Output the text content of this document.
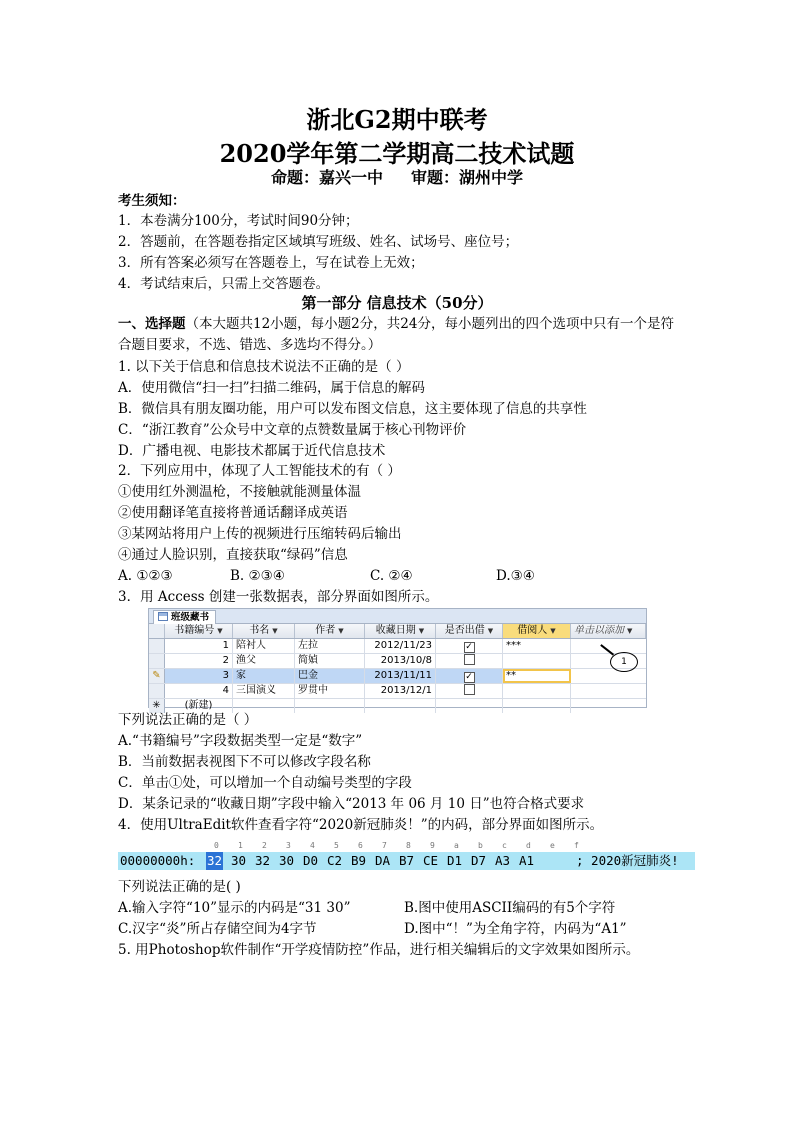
浙北G2期中联考
2020学年第二学期高二技术试题
命题：嘉兴一中 审题：湖州中学
考生须知：
1．本卷满分100分，考试时间90分钟；
2．答题前，在答题卷指定区域填写班级、姓名、试场号、座位号；
3．所有答案必须写在答题卷上，写在试卷上无效；
4．考试结束后，只需上交答题卷。
第一部分 信息技术（50分）
一、选择题（本大题共12小题，每小题2分，共24分，每小题列出的四个选项中只有一个是符合题目要求，不选、错选、多选均不得分。）
1. 以下关于信息和信息技术说法不正确的是（ ）
A．使用微信“扫一扫”扫描二维码，属于信息的解码
B．微信具有朋友圈功能，用户可以发布图文信息，这主要体现了信息的共享性
C．“浙江教育”公众号中文章的点赞数量属于核心刊物评价
D．广播电视、电影技术都属于近代信息技术
2．下列应用中，体现了人工智能技术的有（ ）
①使用红外测温枪，不接触就能测量体温
②使用翻译笔直接将普通话翻译成英语
③某网站将用户上传的视频进行压缩转码后输出
④通过人脸识别，直接获取“绿码”信息
A. ①②③	B. ②③④	C. ②④	D.③④
3．用 Access 创建一张数据表，部分界面如图所示。
班级藏书
书籍编号 ▼	书名 ▼	作者 ▼	收藏日期 ▼	是否出借 ▼	借阅人 ▼	单击以添加 ▼
1 陪衬人	左拉	2012/11/23	✓	***
2 渔父	简媜	2013/10/8
✎	3 家	巴金	2013/11/11	✓	**
4 三国演义	罗贯中	2013/12/1
✳	(新建)
1
下列说法正确的是（ ）
A.“书籍编号”字段数据类型一定是“数字”
B．当前数据表视图下不可以修改字段名称
C．单击①处，可以增加一个自动编号类型的字段
D．某条记录的“收藏日期”字段中输入“2013 年 06 月 10 日”也符合格式要求
4．使用UltraEdit软件查看字符“2020新冠肺炎！”的内码，部分界面如图所示。
0 1 2 3 4 5 6 7 8 9 a b c d e f
00000000h: 32 30 32 30 D0 C2 B9 DA B7 CE D1 D7 A3 A1	; 2020新冠肺炎!
下列说法正确的是( )
A.输入字符“10”显示的内码是“31 30”	B.图中使用ASCII编码的有5个字符
C.汉字“炎”所占存储空间为4字节	D.图中“！”为全角字符，内码为“A1”
5. 用Photoshop软件制作“开学疫情防控”作品，进行相关编辑后的文字效果如图所示。
